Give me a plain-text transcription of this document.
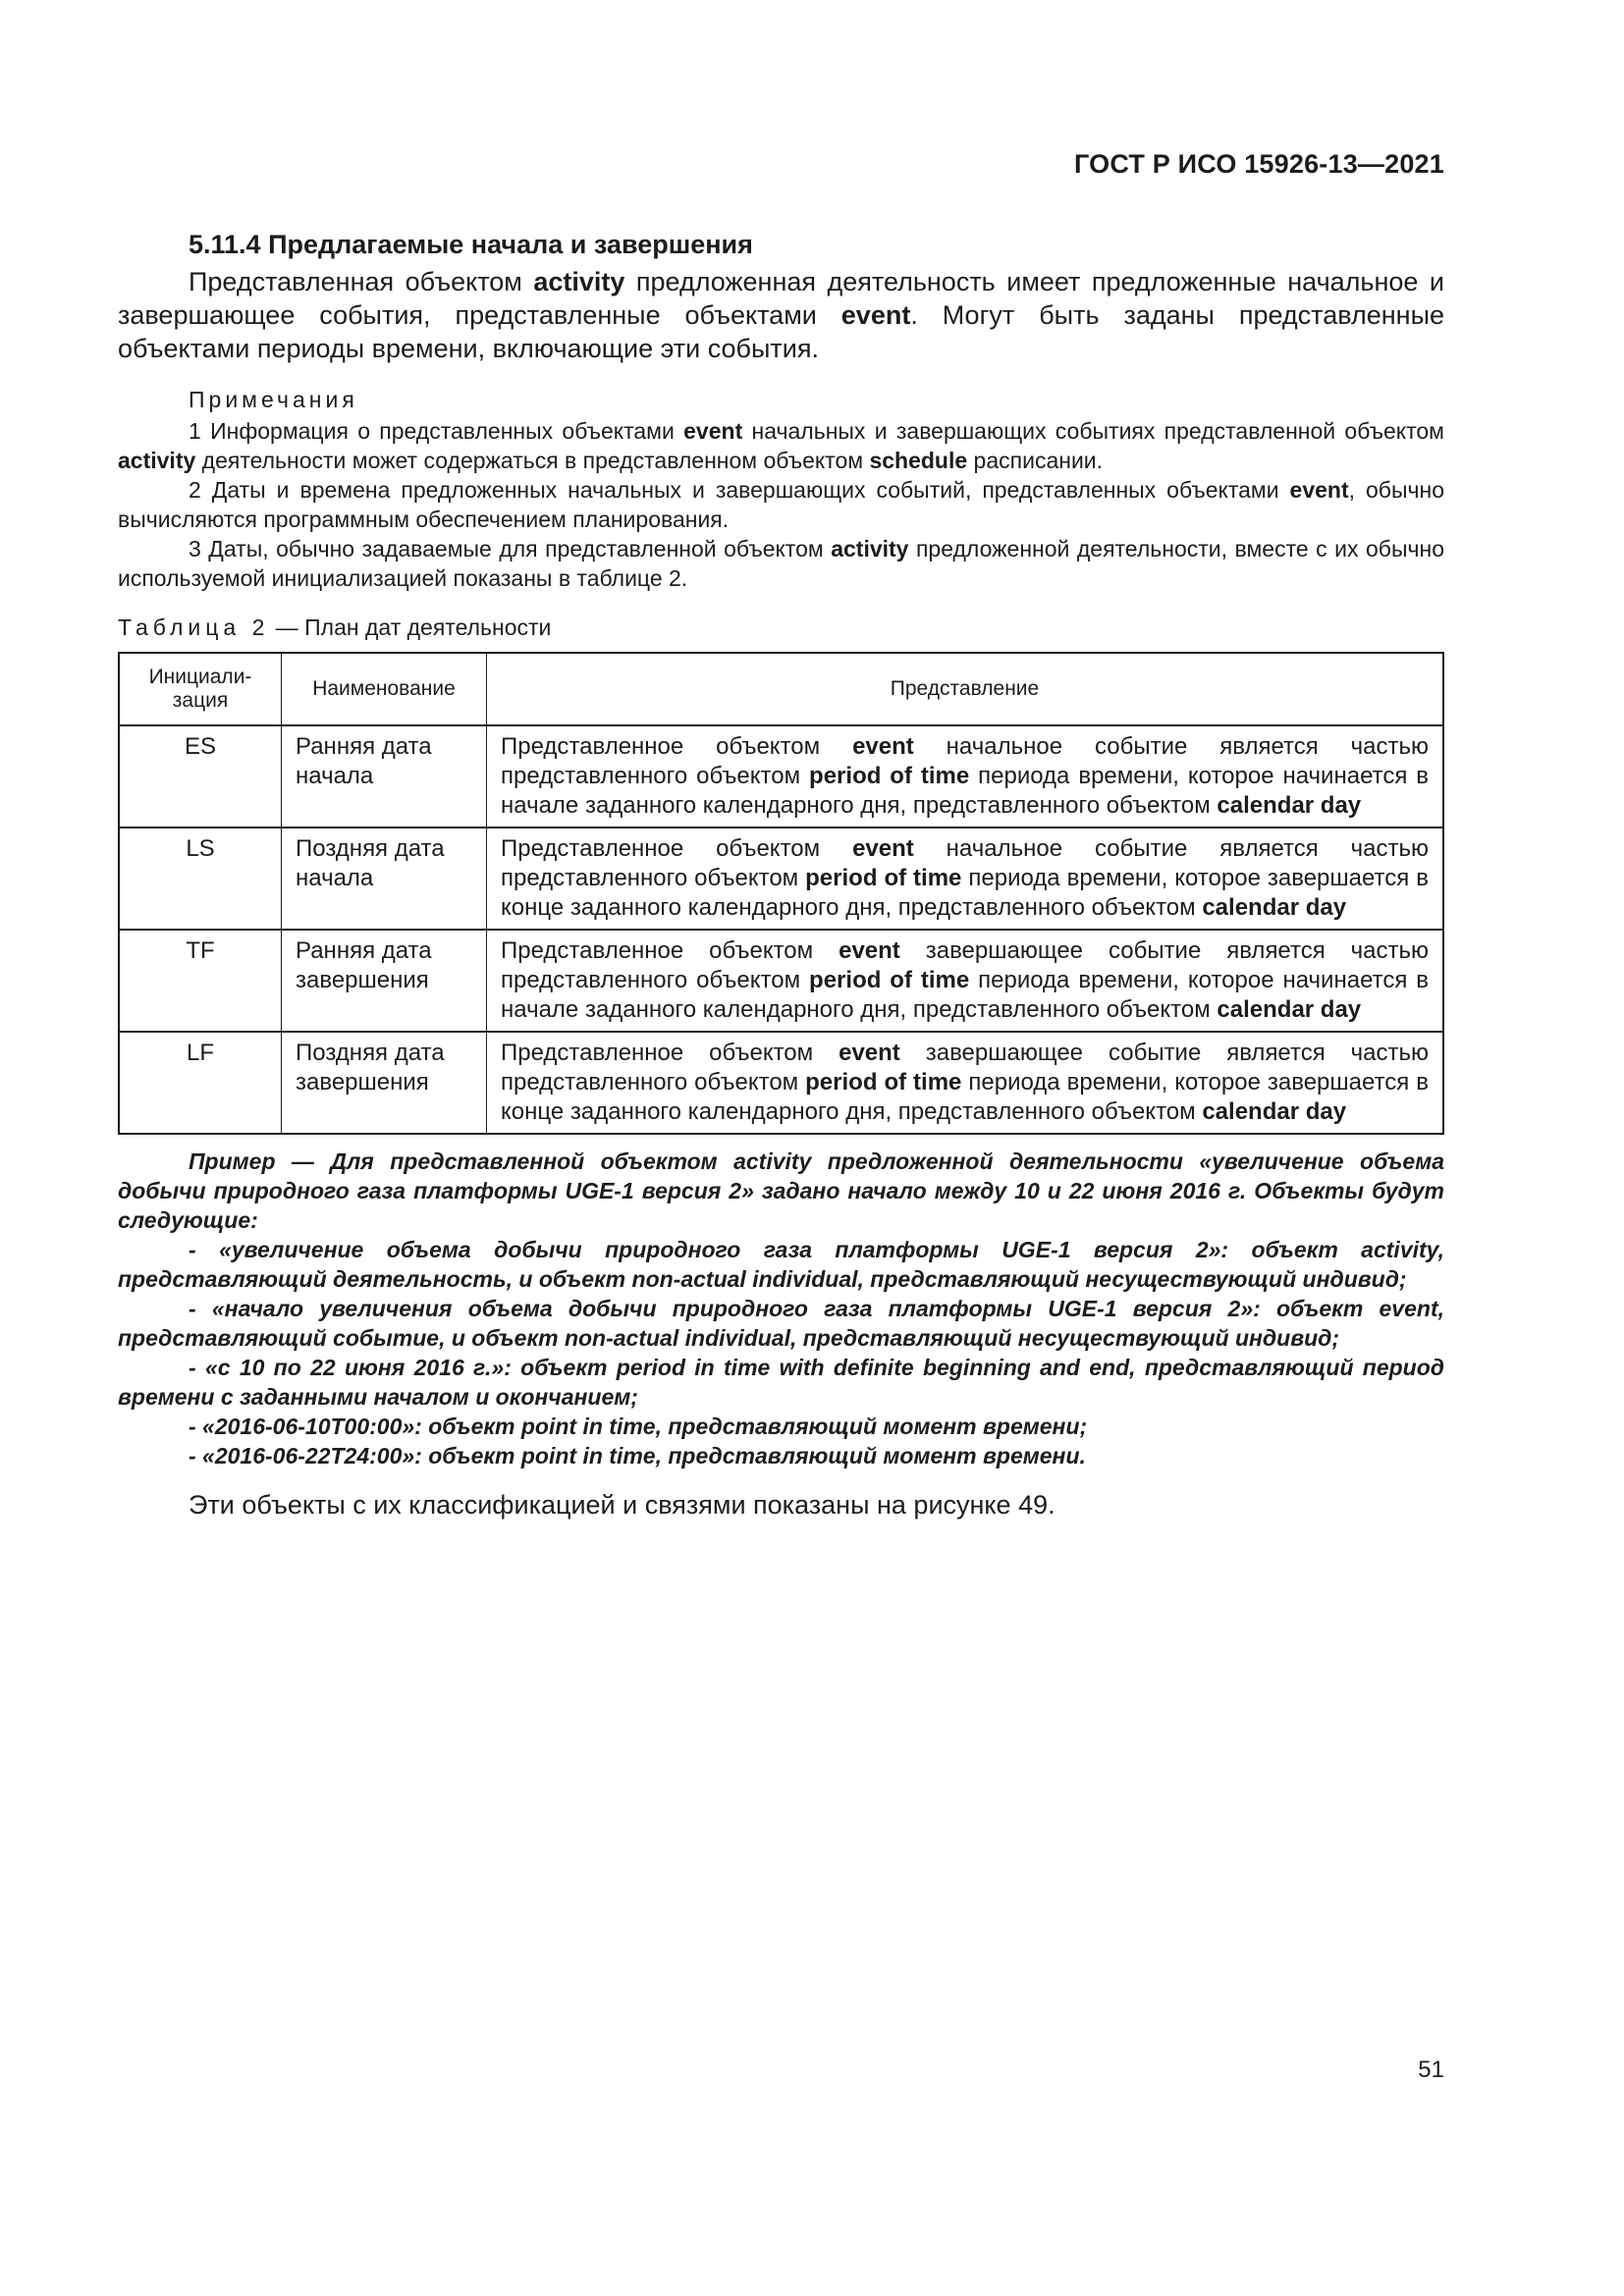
ГОСТ Р ИСО 15926-13—2021
5.11.4 Предлагаемые начала и завершения

Представленная объектом activity предложенная деятельность имеет предложенные начальное и завершающее события, представленные объектами event. Могут быть заданы представленные объектами периоды времени, включающие эти события.

Примечания

1 Информация о представленных объектами event начальных и завершающих событиях представленной объектом activity деятельности может содержаться в представленном объектом schedule расписании.

2 Даты и времена предложенных начальных и завершающих событий, представленных объектами event, обычно вычисляются программным обеспечением планирования.

3 Даты, обычно задаваемые для представленной объектом activity предложенной деятельности, вместе с их обычно используемой инициализацией показаны в таблице 2.

Таблица 2 — План дат деятельности
Инициали-зация	Наименование	Представление
ES	Ранняя дата начала	Представленное объектом event начальное событие является частью представленного объектом period of time периода времени, которое начинается в начале заданного календарного дня, представленного объектом calendar day
LS	Поздняя дата начала	Представленное объектом event начальное событие является частью представленного объектом period of time периода времени, которое завершается в конце заданного календарного дня, представленного объектом calendar day
TF	Ранняя дата завершения	Представленное объектом event завершающее событие является частью представленного объектом period of time периода времени, которое начинается в начале заданного календарного дня, представленного объектом calendar day
LF	Поздняя дата завершения	Представленное объектом event завершающее событие является частью представленного объектом period of time периода времени, которое завершается в конце заданного календарного дня, представленного объектом calendar day

Пример — Для представленной объектом activity предложенной деятельности «увеличение объема добычи природного газа платформы UGE-1 версия 2» задано начало между 10 и 22 июня 2016 г. Объекты будут следующие:

- «увеличение объема добычи природного газа платформы UGE-1 версия 2»: объект activity, представляющий деятельность, и объект non-actual individual, представляющий несуществующий индивид;

- «начало увеличения объема добычи природного газа платформы UGE-1 версия 2»: объект event, представляющий событие, и объект non-actual individual, представляющий несуществующий индивид;

- «с 10 по 22 июня 2016 г.»: объект period in time with definite beginning and end, представляющий период времени с заданными началом и окончанием;

- «2016-06-10T00:00»: объект point in time, представляющий момент времени;

- «2016-06-22T24:00»: объект point in time, представляющий момент времени.

Эти объекты с их классификацией и связями показаны на рисунке 49.
51
